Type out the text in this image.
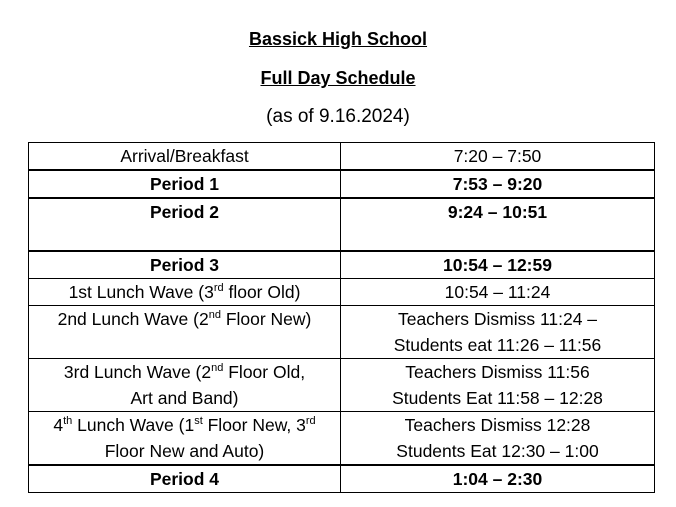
Bassick High School
Full Day Schedule
(as of 9.16.2024)
Arrival/Breakfast	7:20 – 7:50
Period 1	7:53 – 9:20
Period 2	9:24 – 10:51
Period 3	10:54 – 12:59
1st Lunch Wave (3rd floor Old)	10:54 – 11:24
2nd Lunch Wave (2nd Floor New)	Teachers Dismiss 11:24 –
Students eat 11:26 – 11:56

3rd Lunch Wave (2nd Floor Old,
Art and Band)	Teachers Dismiss 11:56
Students Eat 11:58 – 12:28

4th Lunch Wave (1st Floor New, 3rd
Floor New and Auto)	Teachers Dismiss 12:28
Students Eat 12:30 – 1:00

Period 4	1:04 – 2:30
